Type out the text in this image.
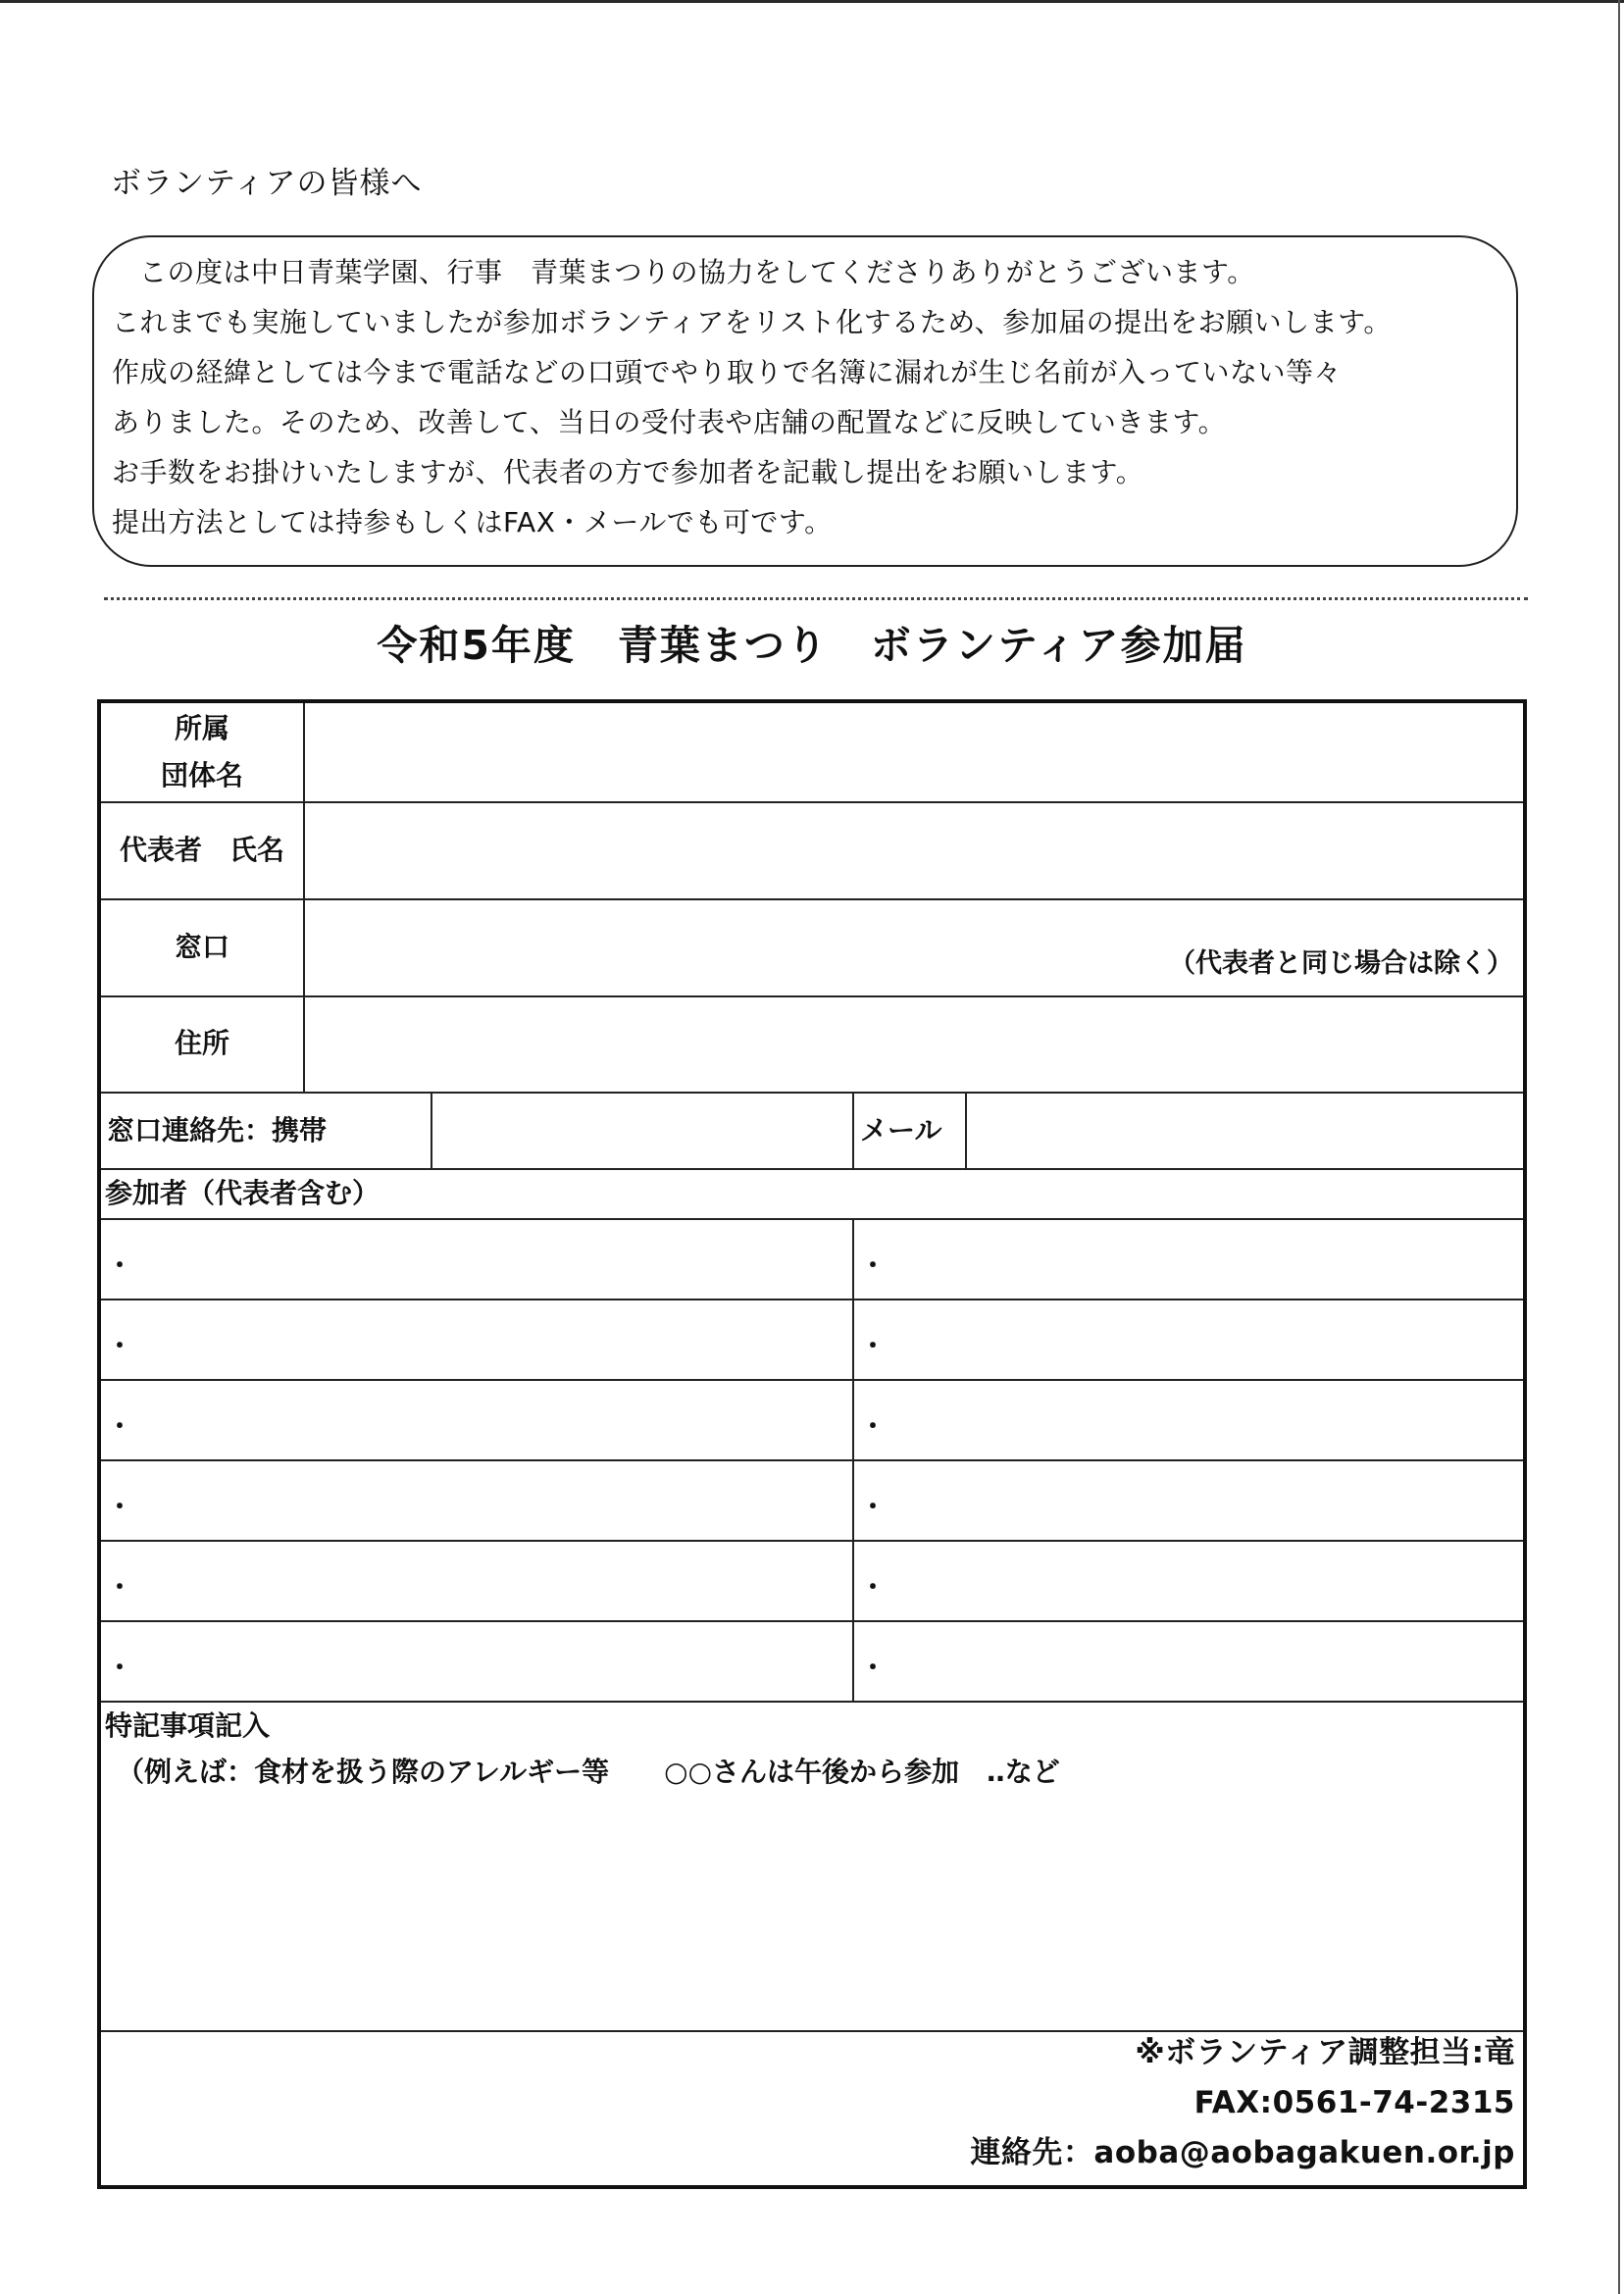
ボランティアの皆様へ

この度は中日青葉学園、行事　青葉まつりの協力をしてくださりありがとうございます。

これまでも実施していましたが参加ボランティアをリスト化するため、参加届の提出をお願いします。

作成の経緯としては今まで電話などの口頭でやり取りで名簿に漏れが生じ名前が入っていない等々

ありました。そのため、改善して、当日の受付表や店舗の配置などに反映していきます。

お手数をお掛けいたしますが、代表者の方で参加者を記載し提出をお願いします。

提出方法としては持参もしくはFAX・メールでも可です。

令和5年度　青葉まつり　ボランティア参加届
所属
団体名
代表者　氏名
窓口
（代表者と同じ場合は除く）
住所
窓口連絡先：携帯	メール
参加者（代表者含む）
・	・
・	・
・	・
・	・
・	・
・	・
特記事項記入
（例えば：食材を扱う際のアレルギー等　　○○さんは午後から参加　‥など
※ボランティア調整担当:竜
FAX:0561-74-2315
連絡先：aoba@aobagakuen.or.jp
